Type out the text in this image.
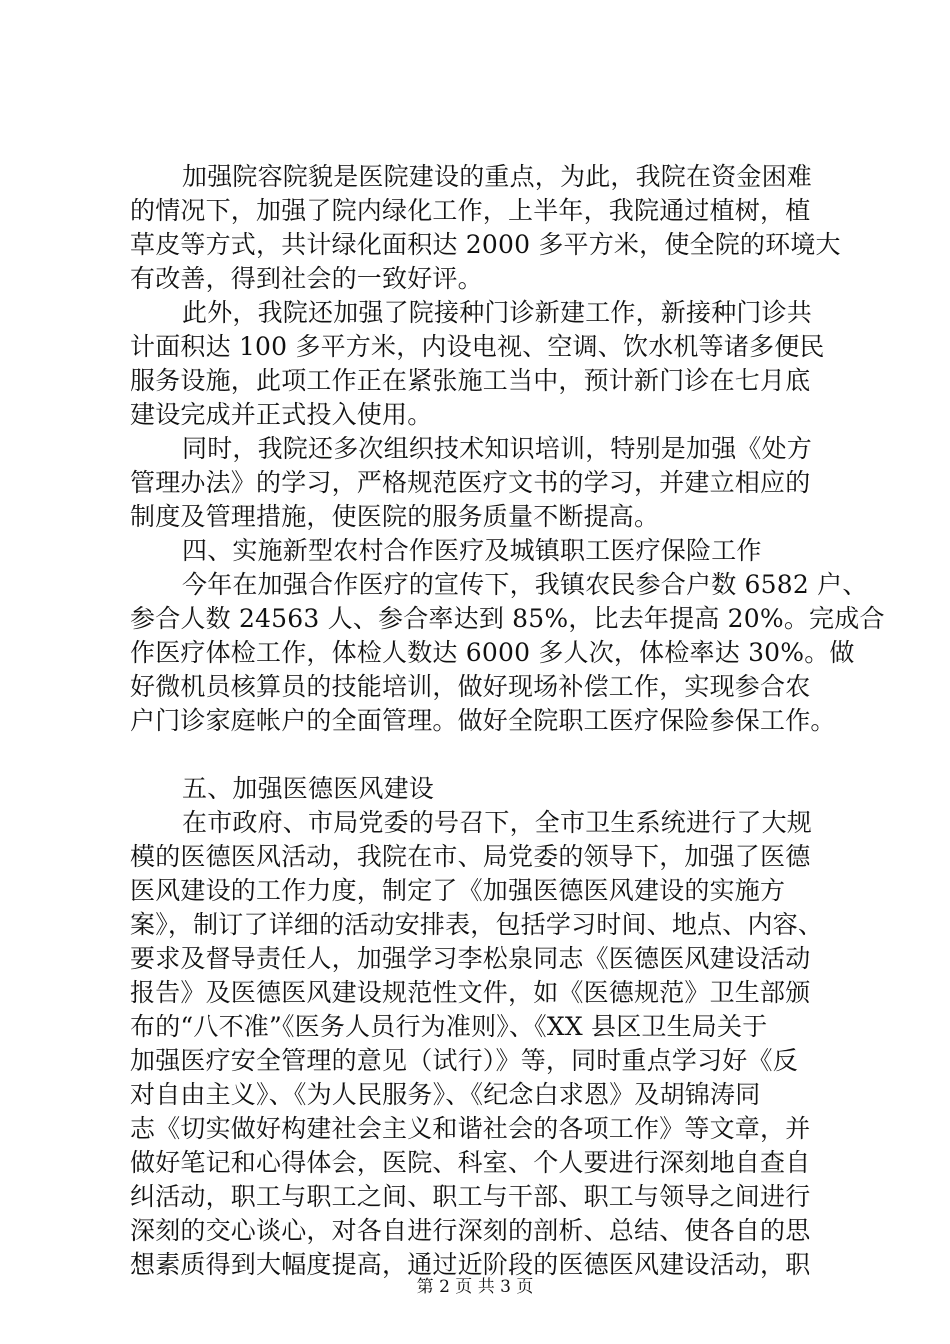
加强院容院貌是医院建设的重点，为此，我院在资金困难
的情况下，加强了院内绿化工作，上半年，我院通过植树，植
草皮等方式，共计绿化面积达 2000 多平方米，使全院的环境大
有改善，得到社会的一致好评。
此外，我院还加强了院接种门诊新建工作，新接种门诊共
计面积达 100 多平方米，内设电视、空调、饮水机等诸多便民
服务设施，此项工作正在紧张施工当中，预计新门诊在七月底
建设完成并正式投入使用。
同时，我院还多次组织技术知识培训，特别是加强《处方
管理办法》的学习，严格规范医疗文书的学习，并建立相应的
制度及管理措施，使医院的服务质量不断提高。
四、实施新型农村合作医疗及城镇职工医疗保险工作
今年在加强合作医疗的宣传下，我镇农民参合户数 6582 户、
参合人数 24563 人、参合率达到 85%，比去年提高 20%。完成合
作医疗体检工作，体检人数达 6000 多人次，体检率达 30%。做
好微机员核算员的技能培训，做好现场补偿工作，实现参合农
户门诊家庭帐户的全面管理。做好全院职工医疗保险参保工作。
五、加强医德医风建设
在市政府、市局党委的号召下，全市卫生系统进行了大规
模的医德医风活动，我院在市、局党委的领导下，加强了医德
医风建设的工作力度，制定了《加强医德医风建设的实施方
案》，制订了详细的活动安排表，包括学习时间、地点、内容、
要求及督导责任人，加强学习李松泉同志《医德医风建设活动
报告》及医德医风建设规范性文件，如《医德规范》卫生部颁
布的“八不准”《医务人员行为准则》、《XX 县区卫生局关于
加强医疗安全管理的意见（试行）》等，同时重点学习好《反
对自由主义》、《为人民服务》、《纪念白求恩》及胡锦涛同
志《切实做好构建社会主义和谐社会的各项工作》等文章，并
做好笔记和心得体会，医院、科室、个人要进行深刻地自查自
纠活动，职工与职工之间、职工与干部、职工与领导之间进行
深刻的交心谈心，对各自进行深刻的剖析、总结、使各自的思
想素质得到大幅度提高，通过近阶段的医德医风建设活动，职
第 2 页 共 3 页
